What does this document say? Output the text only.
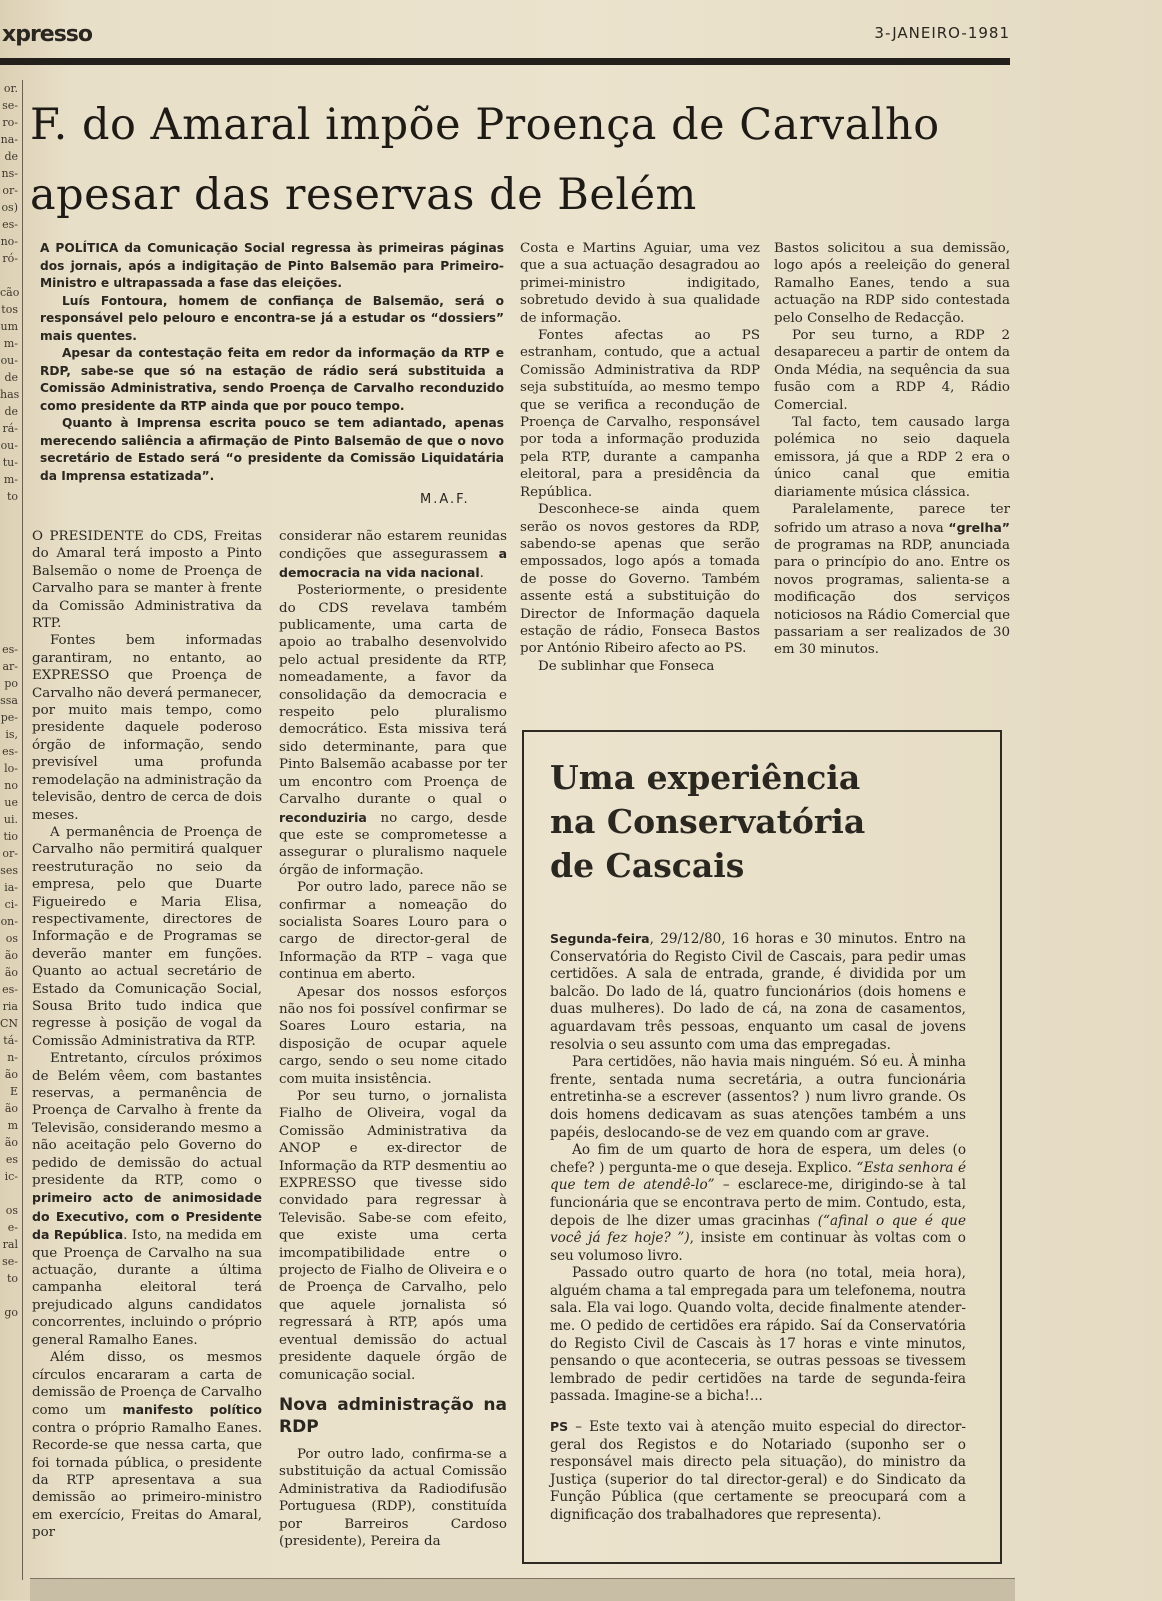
xpresso	3-JANEIRO-1981
or.
se-
ro-
na-
de
ns-
or-
os)
es-
no-
ró-

cão
tos
um
m-
ou-
de
has
de
rá-
ou-
tu-
m-
to

es-
ar-
po
ssa
pe-
is,
es-
lo-
no
ue
ui.
tio
or-
ses
ia-
ci-
on-
os
ão
ão
es-
ria
CN
tá-
n-
ão
E
ão
m
ão
es
ic-

os
e-
ral
se-
to

go
F. do Amaral impõe Proença de Carvalho
apesar das reservas de Belém

A POLÍTICA da Comunicação Social regressa às primeiras páginas dos jornais, após a indigitação de Pinto Balsemão para Primeiro-Ministro e ultrapassada a fase das eleições.

Luís Fontoura, homem de confiança de Balsemão, será o responsável pelo pelouro e encontra-se já a estudar os “dossiers” mais quentes.

Apesar da contestação feita em redor da informação da RTP e RDP, sabe-se que só na estação de rádio será substituida a Comissão Administrativa, sendo Proença de Carvalho reconduzido como presidente da RTP ainda que por pouco tempo.

Quanto à Imprensa escrita pouco se tem adiantado, apenas merecendo saliência a afirmação de Pinto Balsemão de que o novo secretário de Estado será “o presidente da Comissão Liquidatária da Imprensa estatizada”.

M.A.F.

O PRESIDENTE do CDS, Freitas do Amaral terá imposto a Pinto Balsemão o nome de Proença de Carvalho para se manter à frente da Comissão Administrativa da RTP.

Fontes bem informadas garantiram, no entanto, ao EXPRESSO que Proença de Carvalho não deverá permanecer, por muito mais tempo, como presidente daquele poderoso órgão de informação, sendo previsível uma profunda remodelação na administração da televisão, dentro de cerca de dois meses.

A permanência de Proença de Carvalho não permitirá qualquer reestruturação no seio da empresa, pelo que Duarte Figueiredo e Maria Elisa, respectivamente, directores de Informação e de Programas se deverão manter em funções. Quanto ao actual secretário de Estado da Comunicação Social, Sousa Brito tudo indica que regresse à posição de vogal da Comissão Administrativa da RTP.

Entretanto, círculos próximos de Belém vêem, com bastantes reservas, a permanência de Proença de Carvalho à frente da Televisão, considerando mesmo a não aceitação pelo Governo do pedido de demissão do actual presidente da RTP, como o primeiro acto de animosidade do Executivo, com o Presidente da República. Isto, na medida em que Proença de Carvalho na sua actuação, durante a última campanha eleitoral terá prejudicado alguns candidatos concorrentes, incluindo o próprio general Ramalho Eanes.

Além disso, os mesmos círculos encararam a carta de demissão de Proença de Carvalho como um manifesto político contra o próprio Ramalho Eanes. Recorde-se que nessa carta, que foi tornada pública, o presidente da RTP apresentava a sua demissão ao primeiro-ministro em exercício, Freitas do Amaral, por

considerar não estarem reunidas condições que assegurassem a democracia na vida nacional.

Posteriormente, o presidente do CDS revelava também publicamente, uma carta de apoio ao trabalho desenvolvido pelo actual presidente da RTP, nomeadamente, a favor da consolidação da democracia e respeito pelo pluralismo democrático. Esta missiva terá sido determinante, para que Pinto Balsemão acabasse por ter um encontro com Proença de Carvalho durante o qual o reconduziria no cargo, desde que este se comprometesse a assegurar o pluralismo naquele órgão de informação.

Por outro lado, parece não se confirmar a nomeação do socialista Soares Louro para o cargo de director-geral de Informação da RTP – vaga que continua em aberto.

Apesar dos nossos esforços não nos foi possível confirmar se Soares Louro estaria, na disposição de ocupar aquele cargo, sendo o seu nome citado com muita insistência.

Por seu turno, o jornalista Fialho de Oliveira, vogal da Comissão Administrativa da ANOP e ex-director de Informação da RTP desmentiu ao EXPRESSO que tivesse sido convidado para regressar à Televisão. Sabe-se com efeito, que existe uma certa imcompatibilidade entre o projecto de Fialho de Oliveira e o de Proença de Carvalho, pelo que aquele jornalista só regressará à RTP, após uma eventual demissão do actual presidente daquele órgão de comunicação social.

Nova administração na RDP

Por outro lado, confirma-se a substituição da actual Comissão Administrativa da Radiodifusão Portuguesa (RDP), constituída por Barreiros Cardoso (presidente), Pereira da

Costa e Martins Aguiar, uma vez que a sua actuação desagradou ao primei-ministro indigitado, sobretudo devido à sua qualidade de informação.

Fontes afectas ao PS estranham, contudo, que a actual Comissão Administrativa da RDP seja substituída, ao mesmo tempo que se verifica a recondução de Proença de Carvalho, responsável por toda a informação produzida pela RTP, durante a campanha eleitoral, para a presidência da República.

Desconhece-se ainda quem serão os novos gestores da RDP, sabendo-se apenas que serão empossados, logo após a tomada de posse do Governo. Também assente está a substituição do Director de Informação daquela estação de rádio, Fonseca Bastos por António Ribeiro afecto ao PS.

De sublinhar que Fonseca

Bastos solicitou a sua demissão, logo após a reeleição do general Ramalho Eanes, tendo a sua actuação na RDP sido contestada pelo Conselho de Redacção.

Por seu turno, a RDP 2 desapareceu a partir de ontem da Onda Média, na sequência da sua fusão com a RDP 4, Rádio Comercial.

Tal facto, tem causado larga polémica no seio daquela emissora, já que a RDP 2 era o único canal que emitia diariamente música clássica.

Paralelamente, parece ter sofrido um atraso a nova “grelha” de programas na RDP, anunciada para o princípio do ano. Entre os novos programas, salienta-se a modificação dos serviços noticiosos na Rádio Comercial que passariam a ser realizados de 30 em 30 minutos.

Uma experiência
na Conservatória
de Cascais

Segunda-feira, 29/12/80, 16 horas e 30 minutos. Entro na Conservatória do Registo Civil de Cascais, para pedir umas certidões. A sala de entrada, grande, é dividida por um balcão. Do lado de lá, quatro funcionários (dois homens e duas mulheres). Do lado de cá, na zona de casamentos, aguardavam três pessoas, enquanto um casal de jovens resolvia o seu assunto com uma das empregadas.

Para certidões, não havia mais ninguém. Só eu. À minha frente, sentada numa secretária, a outra funcionária entretinha-se a escrever (assentos? ) num livro grande. Os dois homens dedicavam as suas atenções também a uns papéis, deslocando-se de vez em quando com ar grave.

Ao fim de um quarto de hora de espera, um deles (o chefe? ) pergunta-me o que deseja. Explico. “Esta senhora é que tem de atendê-lo” – esclarece-me, dirigindo-se à tal funcionária que se encontrava perto de mim. Contudo, esta, depois de lhe dizer umas gracinhas (“afinal o que é que você já fez hoje? ”), insiste em continuar às voltas com o seu volumoso livro.

Passado outro quarto de hora (no total, meia hora), alguém chama a tal empregada para um telefonema, noutra sala. Ela vai logo. Quando volta, decide finalmente atender-me. O pedido de certidões era rápido. Saí da Conservatória do Registo Civil de Cascais às 17 horas e vinte minutos, pensando o que aconteceria, se outras pessoas se tivessem lembrado de pedir certidões na tarde de segunda-feira passada. Imagine-se a bicha!...

PS – Este texto vai à atenção muito especial do director-geral dos Registos e do Notariado (suponho ser o responsável mais directo pela situação), do ministro da Justiça (superior do tal director-geral) e do Sindicato da Função Pública (que certamente se preocupará com a dignificação dos trabalhadores que representa).
